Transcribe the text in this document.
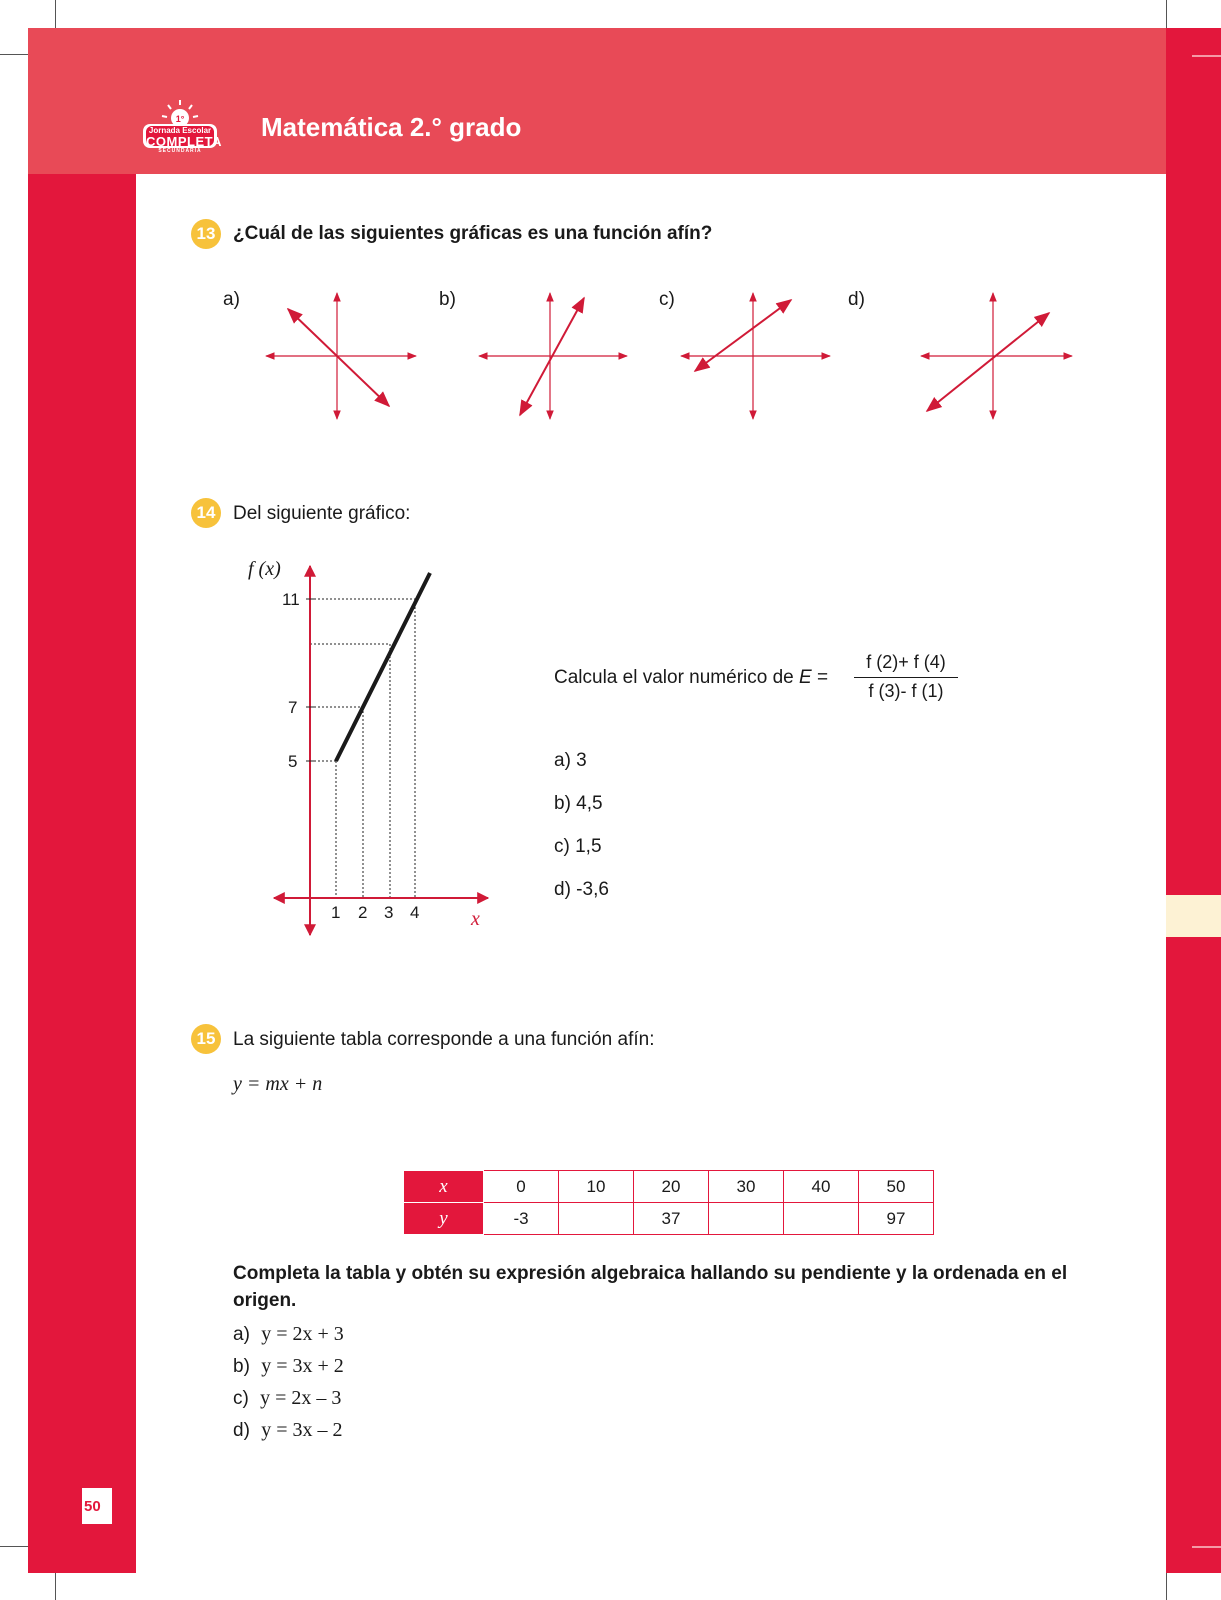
1°
Jornada Escolar
COMPLETA
SECUNDARIA
Matemática 2.° grado
50
13 ¿Cuál de las siguientes gráficas es una función afín?
a)	b)	c)	d)
14 Del siguiente gráfico:
f (x)
x
11
7
5
1 2 3 4
Calcula el valor numérico de E =
f (2)+ f (4)
f (3)- f (1)
a) 3
b) 4,5
c) 1,5
d) -3,6
15 La siguiente tabla corresponde a una función afín:
y = mx + n
x	0	10	20	30	40	50
y	-3		37			97
Completa la tabla y obtén su expresión algebraica hallando su pendiente y la ordenada en el origen.
a) y = 2x + 3
b) y = 3x + 2
c) y = 2x – 3
d) y = 3x – 2
